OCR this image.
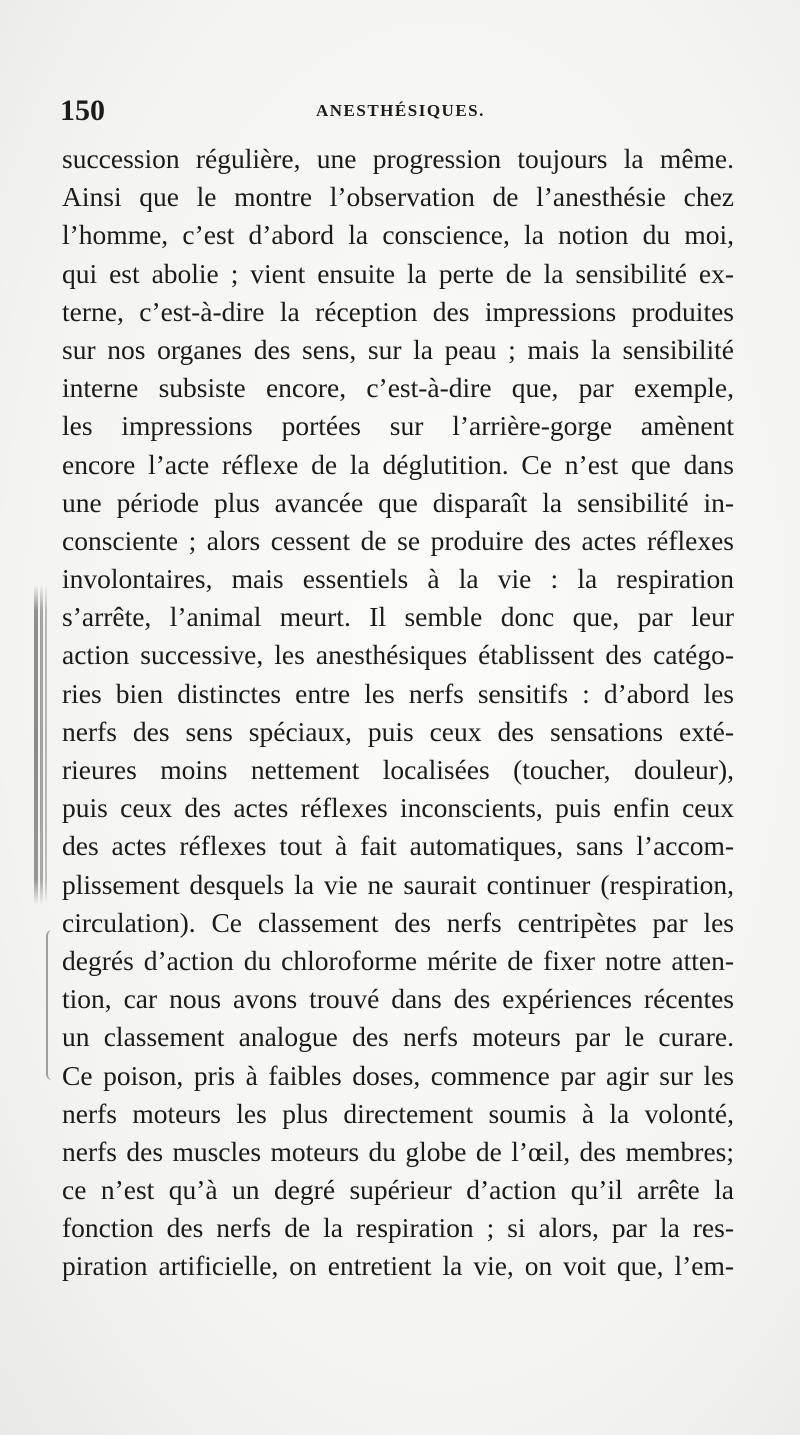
150	ANESTHÉSIQUES.
succession régulière, une progression toujours la même.
Ainsi que le montre l’observation de l’anesthésie chez
l’homme, c’est d’abord la conscience, la notion du moi,
qui est abolie ; vient ensuite la perte de la sensibilité ex-
terne, c’est-à-dire la réception des impressions produites
sur nos organes des sens, sur la peau ; mais la sensibilité
interne subsiste encore, c’est-à-dire que, par exemple,
les impressions portées sur l’arrière-gorge amènent
encore l’acte réflexe de la déglutition. Ce n’est que dans
une période plus avancée que disparaît la sensibilité in-
consciente ; alors cessent de se produire des actes réflexes
involontaires, mais essentiels à la vie : la respiration
s’arrête, l’animal meurt. Il semble donc que, par leur
action successive, les anesthésiques établissent des catégo-
ries bien distinctes entre les nerfs sensitifs : d’abord les
nerfs des sens spéciaux, puis ceux des sensations exté-
rieures moins nettement localisées (toucher, douleur),
puis ceux des actes réflexes inconscients, puis enfin ceux
des actes réflexes tout à fait automatiques, sans l’accom-
plissement desquels la vie ne saurait continuer (respiration,
circulation). Ce classement des nerfs centripètes par les
degrés d’action du chloroforme mérite de fixer notre atten-
tion, car nous avons trouvé dans des expériences récentes
un classement analogue des nerfs moteurs par le curare.
Ce poison, pris à faibles doses, commence par agir sur les
nerfs moteurs les plus directement soumis à la volonté,
nerfs des muscles moteurs du globe de l’œil, des membres;
ce n’est qu’à un degré supérieur d’action qu’il arrête la
fonction des nerfs de la respiration ; si alors, par la res-
piration artificielle, on entretient la vie, on voit que, l’em-
